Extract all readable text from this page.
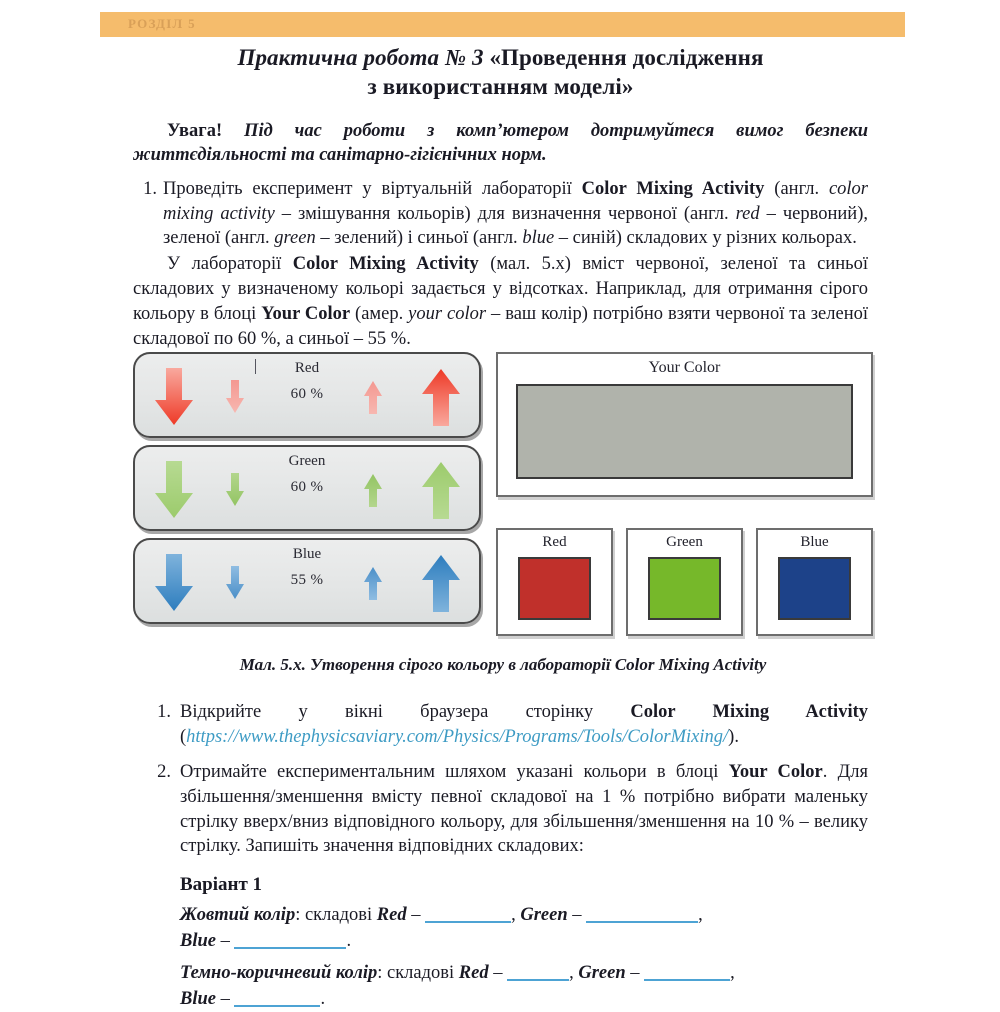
РОЗДІЛ 5
Практична робота № 3 «Проведення дослідження
з використанням моделі»

Увага! Під час роботи з комп’ютером дотримуйтеся вимог безпеки життєдіяльності та санітарно-гігієнічних норм.

1. Проведіть експеримент у віртуальній лабораторії Color Mixing Activity (англ. color mixing activity – змішування кольорів) для визначення червоної (англ. red – червоний), зеленої (англ. green – зелений) і синьої (англ. blue – синій) складових у різних кольорах.

У лабораторії Color Mixing Activity (мал. 5.х) вміст червоної, зеленої та синьої складових у визначеному кольорі задається у відсотках. Наприклад, для отримання сірого кольору в блоці Your Color (амер. your color – ваш колір) потрібно взяти червоної та зеленої складової по 60 %, а синьої – 55 %.

Red
60 %
Green
60 %
Blue
55 %
Your Color
Red	Green	Blue
Мал. 5.х. Утворення сірого кольору в лабораторії Color Mixing Activity
1. Відкрийте у вікні браузера сторінку Color Mixing Activity (https://www.thephysicsaviary.com/Physics/Programs/Tools/ColorMixing/).
2. Отримайте експериментальним шляхом указані кольори в блоці Your Color. Для збільшення/зменшення вмісту певної складової на 1 % потрібно вибрати маленьку стрілку вверх/вниз відповідного кольору, для збільшення/зменшення на 10 % – велику стрілку. Запишіть значення відповідних складових:
Варіант 1

Жовтий колір: складові Red –	, Green –	,
Blue –	.

Темно-коричневий колір: складові Red –	, Green –	,
Blue –	.
